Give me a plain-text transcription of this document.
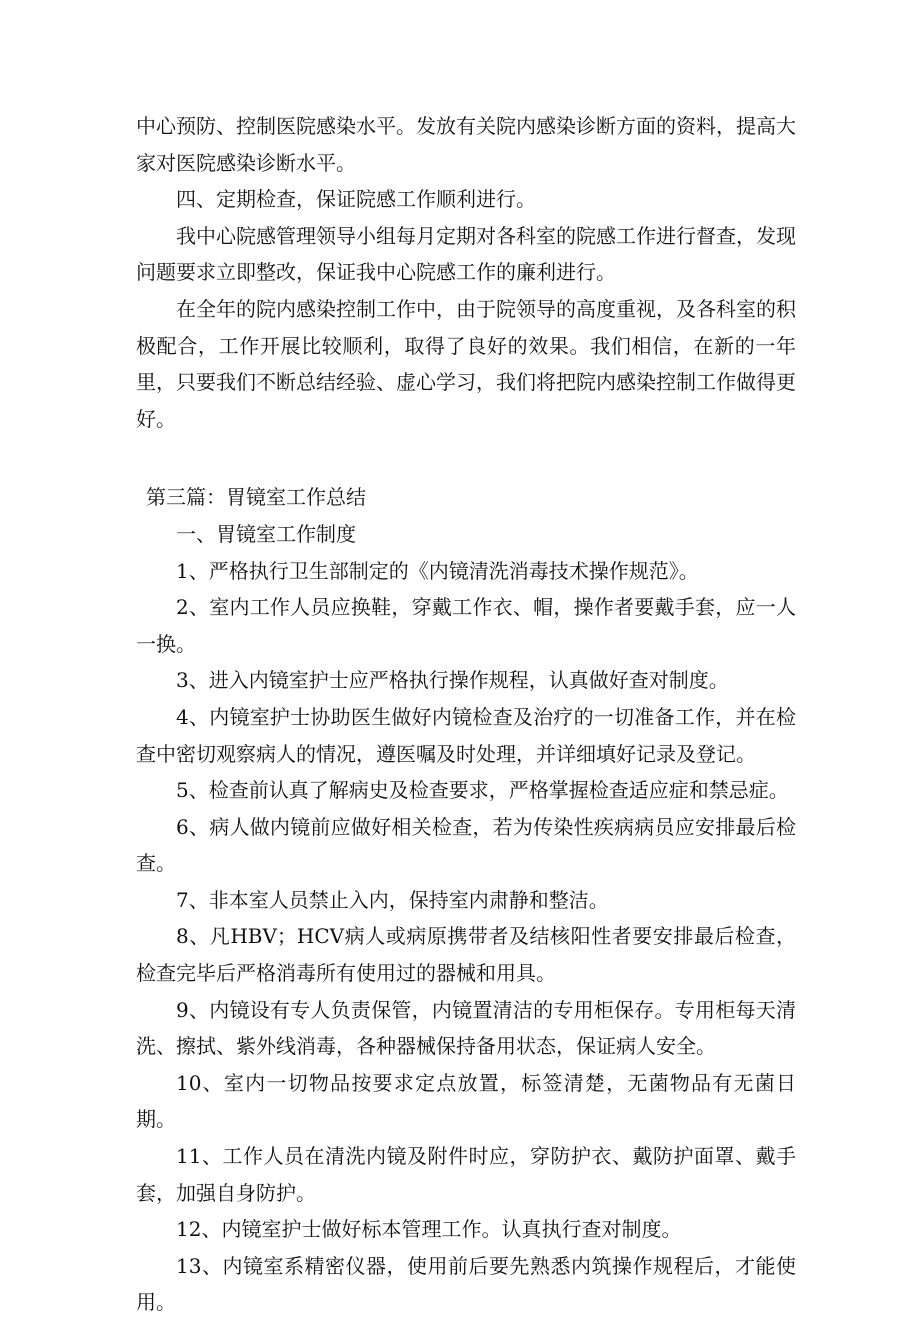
中心预防、控制医院感染水平。发放有关院内感染诊断方面的资料，提高大家对医院感染诊断水平。

四、定期检查，保证院感工作顺利进行。

我中心院感管理领导小组每月定期对各科室的院感工作进行督查，发现问题要求立即整改，保证我中心院感工作的廉利进行。

在全年的院内感染控制工作中，由于院领导的高度重视，及各科室的积极配合，工作开展比较顺利，取得了良好的效果。我们相信，在新的一年里，只要我们不断总结经验、虚心学习，我们将把院内感染控制工作做得更好。

第三篇：胃镜室工作总结

一、胃镜室工作制度

1、严格执行卫生部制定的《内镜清洗消毒技术操作规范》。

2、室内工作人员应换鞋，穿戴工作衣、帽，操作者要戴手套，应一人一换。

3、进入内镜室护士应严格执行操作规程，认真做好查对制度。

4、内镜室护士协助医生做好内镜检查及治疗的一切准备工作，并在检查中密切观察病人的情况，遵医嘱及时处理，并详细填好记录及登记。

5、检查前认真了解病史及检查要求，严格掌握检查适应症和禁忌症。

6、病人做内镜前应做好相关检查，若为传染性疾病病员应安排最后检查。

7、非本室人员禁止入内，保持室内肃静和整洁。

8、凡HBV；HCV病人或病原携带者及结核阳性者要安排最后检查，检查完毕后严格消毒所有使用过的器械和用具。

9、内镜设有专人负责保管，内镜置清洁的专用柜保存。专用柜每天清洗、擦拭、紫外线消毒，各种器械保持备用状态，保证病人安全。

10、室内一切物品按要求定点放置，标签清楚，无菌物品有无菌日期。

11、工作人员在清洗内镜及附件时应，穿防护衣、戴防护面罩、戴手套，加强自身防护。

12、内镜室护士做好标本管理工作。认真执行查对制度。

13、内镜室系精密仪器，使用前后要先熟悉内筑操作规程后，才能使用。
